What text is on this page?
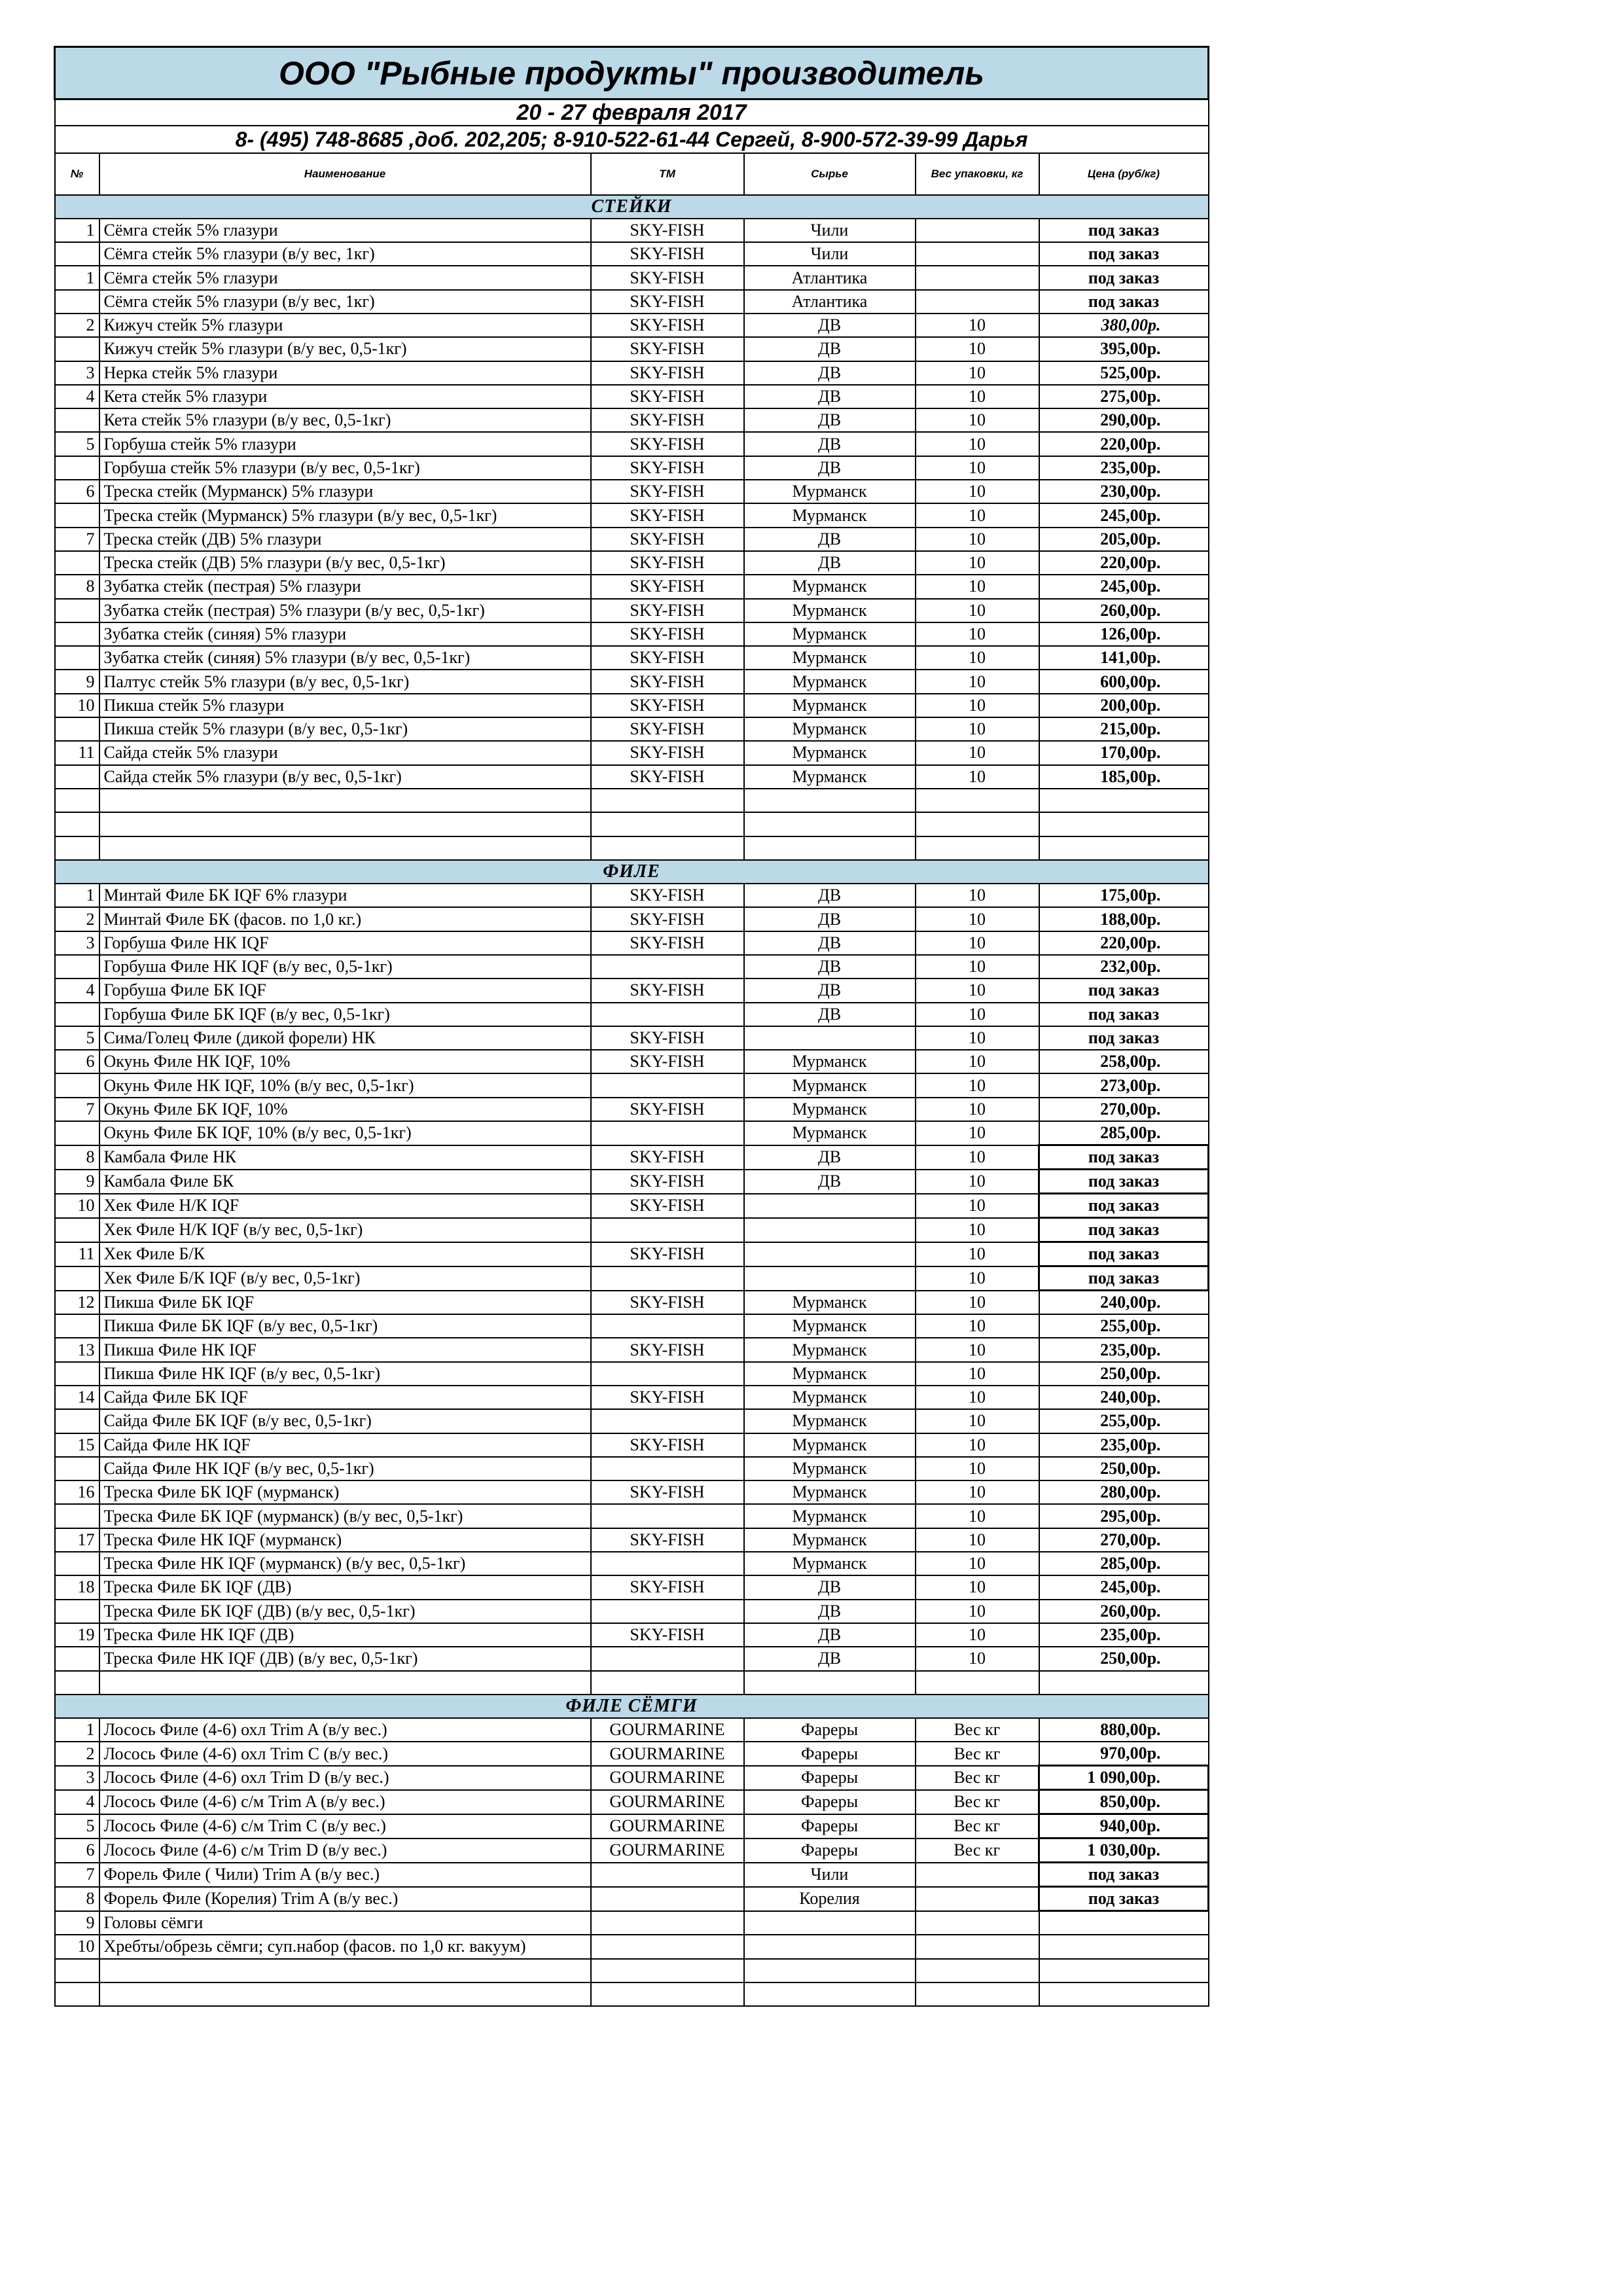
ООО "Рыбные продукты" производитель					
20 - 27 февраля 2017					
8- (495) 748-8685 ,доб. 202,205; 8-910-522-61-44 Сергей, 8-900-572-39-99 Дарья					
№	Наименование	ТМ	Сырье	Вес упаковки, кг	Цена (руб/кг)
СТЕЙКИ					
1	Сёмга стейк 5% глазури	SKY-FISH	Чили		под заказ
	Сёмга стейк 5% глазури (в/у вес, 1кг)	SKY-FISH	Чили		под заказ
1	Сёмга стейк 5% глазури	SKY-FISH	Атлантика		под заказ
	Сёмга стейк 5% глазури (в/у вес, 1кг)	SKY-FISH	Атлантика		под заказ
2	Кижуч стейк 5% глазури	SKY-FISH	ДВ	10	380,00р.
	Кижуч стейк 5% глазури (в/у вес, 0,5-1кг)	SKY-FISH	ДВ	10	395,00р.
3	Нерка стейк 5% глазури	SKY-FISH	ДВ	10	525,00р.
4	Кета стейк 5% глазури	SKY-FISH	ДВ	10	275,00р.
	Кета стейк 5% глазури (в/у вес, 0,5-1кг)	SKY-FISH	ДВ	10	290,00р.
5	Горбуша стейк 5% глазури	SKY-FISH	ДВ	10	220,00р.
	Горбуша стейк 5% глазури (в/у вес, 0,5-1кг)	SKY-FISH	ДВ	10	235,00р.
6	Треска стейк (Мурманск) 5% глазури	SKY-FISH	Мурманск	10	230,00р.
	Треска стейк (Мурманск) 5% глазури (в/у вес, 0,5-1кг)	SKY-FISH	Мурманск	10	245,00р.
7	Треска стейк (ДВ) 5% глазури	SKY-FISH	ДВ	10	205,00р.
	Треска стейк (ДВ) 5% глазури (в/у вес, 0,5-1кг)	SKY-FISH	ДВ	10	220,00р.
8	Зубатка стейк (пестрая) 5% глазури	SKY-FISH	Мурманск	10	245,00р.
	Зубатка стейк (пестрая) 5% глазури (в/у вес, 0,5-1кг)	SKY-FISH	Мурманск	10	260,00р.
	Зубатка стейк (синяя) 5% глазури	SKY-FISH	Мурманск	10	126,00р.
	Зубатка стейк (синяя) 5% глазури (в/у вес, 0,5-1кг)	SKY-FISH	Мурманск	10	141,00р.
9	Палтус стейк 5% глазури (в/у вес, 0,5-1кг)	SKY-FISH	Мурманск	10	600,00р.
10	Пикша стейк 5% глазури	SKY-FISH	Мурманск	10	200,00р.
	Пикша стейк 5% глазури (в/у вес, 0,5-1кг)	SKY-FISH	Мурманск	10	215,00р.
11	Сайда стейк 5% глазури	SKY-FISH	Мурманск	10	170,00р.
	Сайда стейк 5% глазури (в/у вес, 0,5-1кг)	SKY-FISH	Мурманск	10	185,00р.

ФИЛЕ					
1	Минтай Филе БК IQF 6% глазури	SKY-FISH	ДВ	10	175,00р.
2	Минтай Филе БК (фасов. по 1,0 кг.)	SKY-FISH	ДВ	10	188,00р.
3	Горбуша Филе НК IQF	SKY-FISH	ДВ	10	220,00р.
	Горбуша Филе НК IQF (в/у вес, 0,5-1кг)		ДВ	10	232,00р.
4	Горбуша Филе БК IQF	SKY-FISH	ДВ	10	под заказ
	Горбуша Филе БК IQF (в/у вес, 0,5-1кг)		ДВ	10	под заказ
5	Сима/Голец Филе (дикой форели) НК	SKY-FISH		10	под заказ
6	Окунь Филе НК IQF, 10%	SKY-FISH	Мурманск	10	258,00р.
	Окунь Филе НК IQF, 10% (в/у вес, 0,5-1кг)		Мурманск	10	273,00р.
7	Окунь Филе БК IQF, 10%	SKY-FISH	Мурманск	10	270,00р.
	Окунь Филе БК IQF, 10% (в/у вес, 0,5-1кг)		Мурманск	10	285,00р.
8	Камбала Филе НК	SKY-FISH	ДВ	10	под заказ
9	Камбала Филе БК	SKY-FISH	ДВ	10	под заказ
10	Хек Филе Н/К IQF	SKY-FISH		10	под заказ
	Хек Филе Н/К IQF (в/у вес, 0,5-1кг)			10	под заказ
11	Хек Филе Б/К	SKY-FISH		10	под заказ
	Хек Филе Б/К IQF (в/у вес, 0,5-1кг)			10	под заказ
12	Пикша Филе БК IQF	SKY-FISH	Мурманск	10	240,00р.
	Пикша Филе БК IQF (в/у вес, 0,5-1кг)		Мурманск	10	255,00р.
13	Пикша Филе НК IQF	SKY-FISH	Мурманск	10	235,00р.
	Пикша Филе НК IQF (в/у вес, 0,5-1кг)		Мурманск	10	250,00р.
14	Сайда Филе БК IQF	SKY-FISH	Мурманск	10	240,00р.
	Сайда Филе БК IQF (в/у вес, 0,5-1кг)		Мурманск	10	255,00р.
15	Сайда Филе НК IQF	SKY-FISH	Мурманск	10	235,00р.
	Сайда Филе НК IQF (в/у вес, 0,5-1кг)		Мурманск	10	250,00р.
16	Треска Филе БК IQF (мурманск)	SKY-FISH	Мурманск	10	280,00р.
	Треска Филе БК IQF (мурманск) (в/у вес, 0,5-1кг)		Мурманск	10	295,00р.
17	Треска Филе НК IQF (мурманск)	SKY-FISH	Мурманск	10	270,00р.
	Треска Филе НК IQF (мурманск) (в/у вес, 0,5-1кг)		Мурманск	10	285,00р.
18	Треска Филе БК IQF (ДВ)	SKY-FISH	ДВ	10	245,00р.
	Треска Филе БК IQF (ДВ) (в/у вес, 0,5-1кг)		ДВ	10	260,00р.
19	Треска Филе НК IQF (ДВ)	SKY-FISH	ДВ	10	235,00р.
	Треска Филе НК IQF (ДВ) (в/у вес, 0,5-1кг)		ДВ	10	250,00р.

ФИЛЕ СЁМГИ					
1	Лосось Филе (4-6) охл Trim A (в/у вес.)	GOURMARINE	Фареры	Вес кг	880,00р.
2	Лосось Филе (4-6) охл Trim C (в/у вес.)	GOURMARINE	Фареры	Вес кг	970,00р.
3	Лосось Филе (4-6) охл Trim D (в/у вес.)	GOURMARINE	Фареры	Вес кг	1 090,00р.
4	Лосось Филе (4-6) с/м Trim A (в/у вес.)	GOURMARINE	Фареры	Вес кг	850,00р.
5	Лосось Филе (4-6) с/м Trim C (в/у вес.)	GOURMARINE	Фареры	Вес кг	940,00р.
6	Лосось Филе (4-6) с/м Trim D (в/у вес.)	GOURMARINE	Фареры	Вес кг	1 030,00р.
7	Форель Филе ( Чили) Trim A (в/у вес.)		Чили		под заказ
8	Форель Филе (Корелия) Trim A (в/у вес.)		Корелия		под заказ
9	Головы сёмги				
10	Хребты/обрезь сёмги; суп.набор (фасов. по 1,0 кг. вакуум)				
